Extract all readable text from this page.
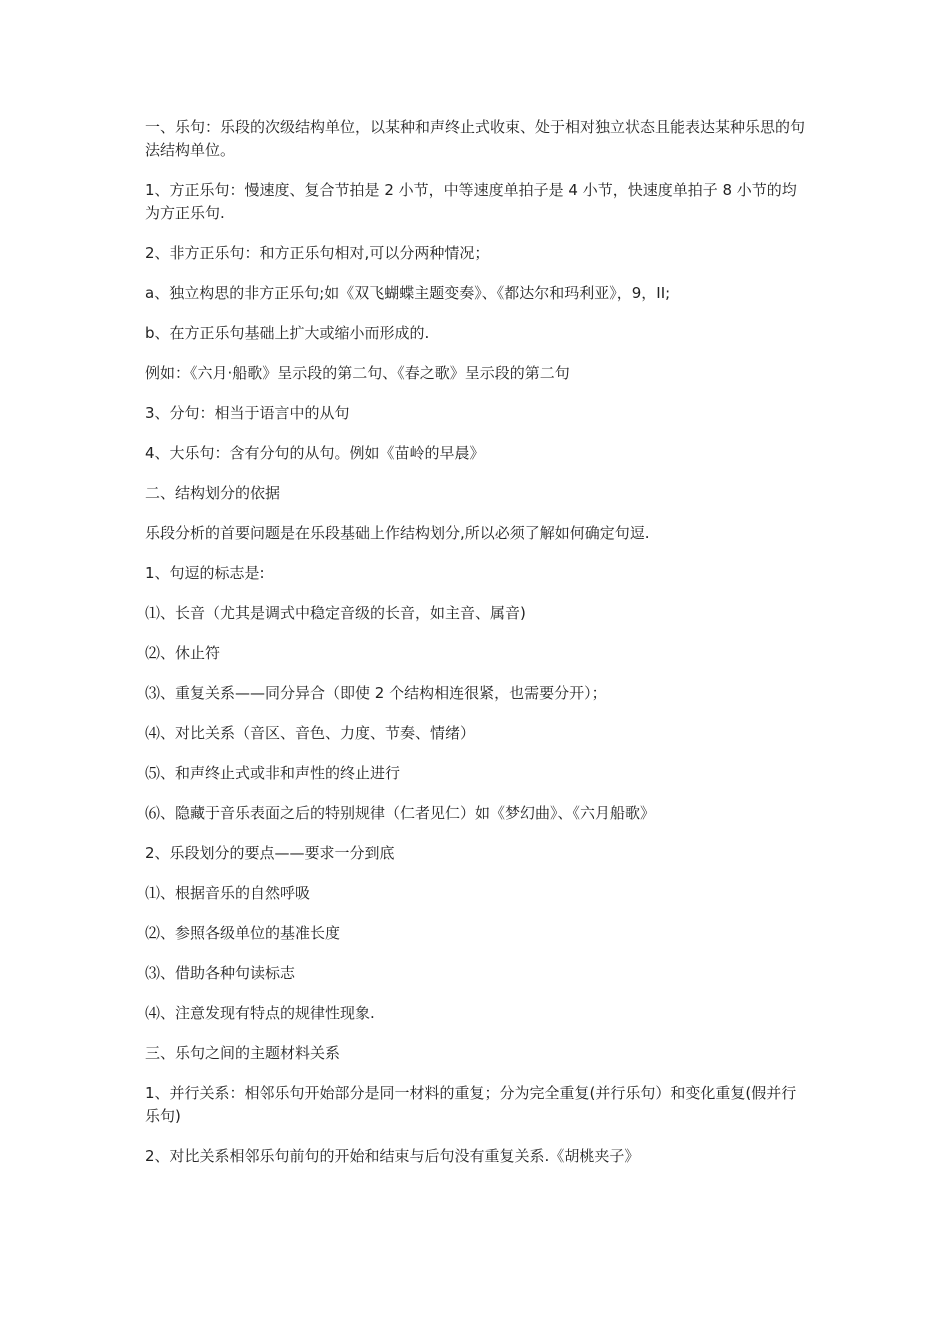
一、乐句：乐段的次级结构单位，以某种和声终止式收束、处于相对独立状态且能表达某种乐思的句法结构单位。

1、方正乐句：慢速度、复合节拍是 2 小节，中等速度单拍子是 4 小节，快速度单拍子 8 小节的均为方正乐句.

2、非方正乐句：和方正乐句相对,可以分两种情况；

a、独立构思的非方正乐句;如《双飞蝴蝶主题变奏》、《都达尔和玛利亚》，9，II;

b、在方正乐句基础上扩大或缩小而形成的.

例如：《六月·船歌》呈示段的第二句、《春之歌》呈示段的第二句

3、分句：相当于语言中的从句

4、大乐句：含有分句的从句。例如《苗岭的早晨》

二、结构划分的依据

乐段分析的首要问题是在乐段基础上作结构划分,所以必须了解如何确定句逗.

1、句逗的标志是:

⑴、长音（尤其是调式中稳定音级的长音，如主音、属音)

⑵、休止符

⑶、重复关系——同分异合（即使 2 个结构相连很紧，也需要分开）；

⑷、对比关系（音区、音色、力度、节奏、情绪）

⑸、和声终止式或非和声性的终止进行

⑹、隐藏于音乐表面之后的特别规律（仁者见仁）如《梦幻曲》、《六月船歌》

2、乐段划分的要点——要求一分到底

⑴、根据音乐的自然呼吸

⑵、参照各级单位的基准长度

⑶、借助各种句读标志

⑷、注意发现有特点的规律性现象.

三、乐句之间的主题材料关系

1、并行关系：相邻乐句开始部分是同一材料的重复；分为完全重复(并行乐句）和变化重复(假并行乐句)

2、对比关系相邻乐句前句的开始和结束与后句没有重复关系.《胡桃夹子》
